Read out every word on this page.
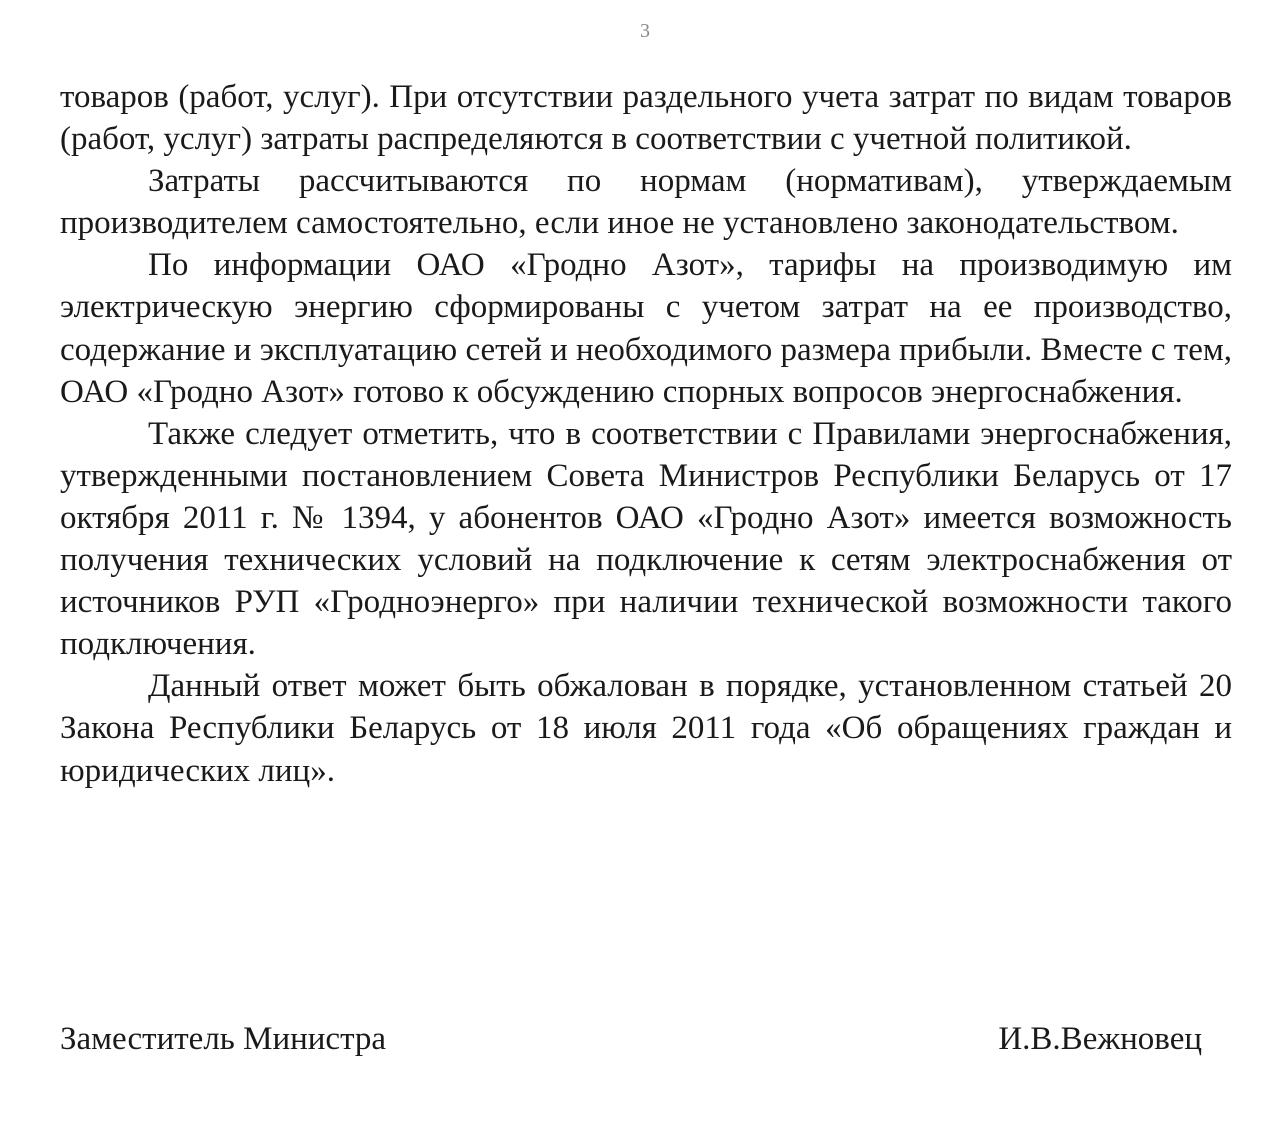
3

товаров (работ, услуг). При отсутствии раздельного учета затрат по видам товаров (работ, услуг) затраты распределяются в соответствии с учетной политикой.

Затраты рассчитываются по нормам (нормативам), утверждаемым производителем самостоятельно, если иное не установлено законодательством.

По информации ОАО «Гродно Азот», тарифы на производимую им электрическую энергию сформированы с учетом затрат на ее производство, содержание и эксплуатацию сетей и необходимого размера прибыли. Вместе с тем, ОАО «Гродно Азот» готово к обсуждению спорных вопросов энергоснабжения.

Также следует отметить, что в соответствии с Правилами энергоснабжения, утвержденными постановлением Совета Министров Республики Беларусь от 17 октября 2011 г. № 1394, у абонентов ОАО «Гродно Азот» имеется возможность получения технических условий на подключение к сетям электроснабжения от источников РУП «Гродноэнерго» при наличии технической возможности такого подключения.

Данный ответ может быть обжалован в порядке, установленном статьей 20 Закона Республики Беларусь от 18 июля 2011 года «Об обращениях граждан и юридических лиц».

Заместитель Министра	И.В.Вежновец
